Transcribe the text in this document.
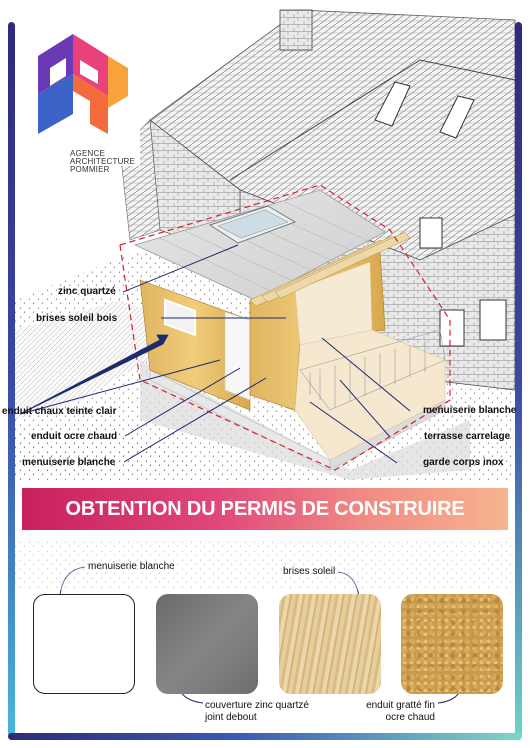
AGENCE
ARCHITECTURE
POMMIER
zinc quartzé
brises soleil bois
enduit chaux teinte clair
enduit ocre chaud
menuiserie blanche
menuiserie blanche
terrasse carrelage
garde corps inox
OBTENTION DU PERMIS DE CONSTRUIRE
menuiserie blanche	brises soleil
couverture zinc quartzé
joint debout
enduit gratté fin
ocre chaud
